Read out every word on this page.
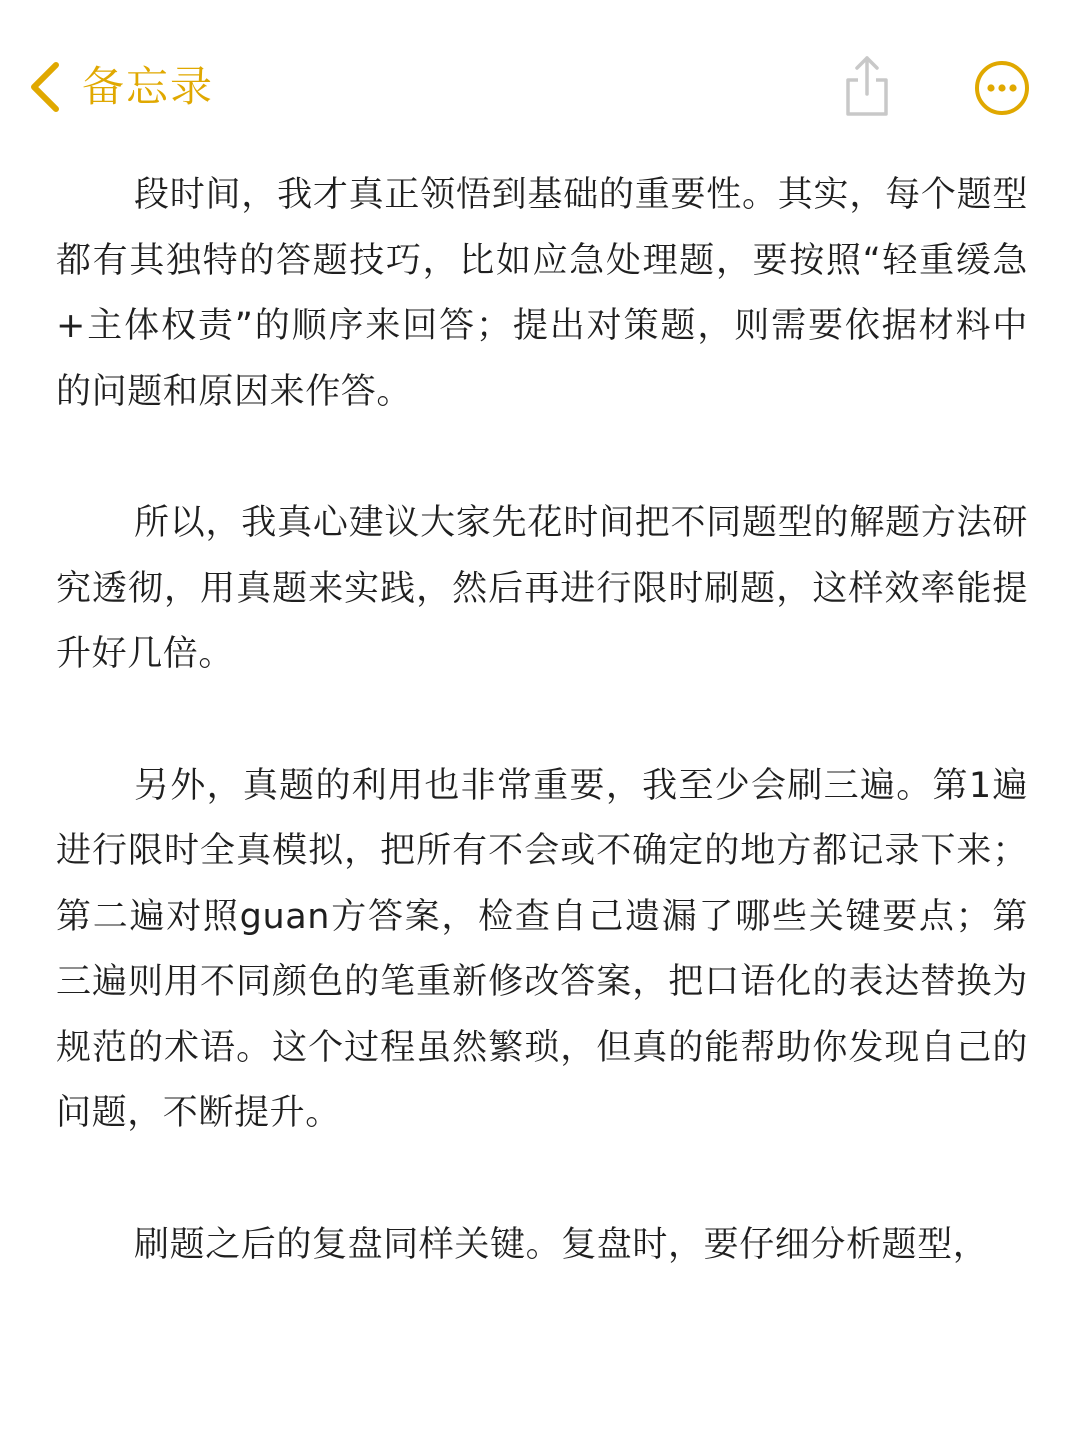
备忘录

段时间，我才真正领悟到基础的重要性。其实，每个题型都有其独特的答题技巧，比如应急处理题，要按照“轻重缓急+主体权责”的顺序来回答；提出对策题，则需要依据材料中的问题和原因来作答。

所以，我真心建议大家先花时间把不同题型的解题方法研究透彻，用真题来实践，然后再进行限时刷题，这样效率能提升好几倍。

另外，真题的利用也非常重要，我至少会刷三遍。第1遍进行限时全真模拟，把所有不会或不确定的地方都记录下来；第二遍对照guan方答案，检查自己遗漏了哪些关键要点；第三遍则用不同颜色的笔重新修改答案，把口语化的表达替换为规范的术语。这个过程虽然繁琐，但真的能帮助你发现自己的问题，不断提升。

刷题之后的复盘同样关键。复盘时，要仔细分析题型，
